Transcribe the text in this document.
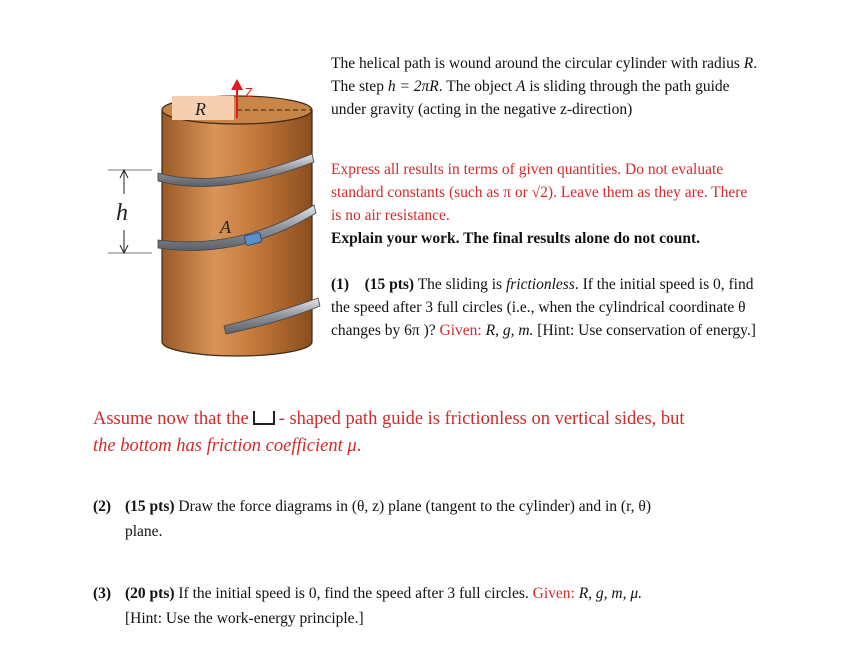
R
Z
A
h
The helical path is wound around the circular cylinder with radius R. The step h = 2πR. The object A is sliding through the path guide under gravity (acting in the negative z-direction)
Express all results in terms of given quantities. Do not evaluate standard constants (such as π or √2). Leave them as they are. There is no air resistance.
Explain your work. The final results alone do not count.
(1) (15 pts) The sliding is frictionless. If the initial speed is 0, find the speed after 3 full circles (i.e., when the cylindrical coordinate θ changes by 6π )? Given: R, g, m. [Hint: Use conservation of energy.]
Assume now that the - shaped path guide is frictionless on vertical sides, but
the bottom has friction coefficient μ.
(2) (15 pts) Draw the force diagrams in (θ, z) plane (tangent to the cylinder) and in (r, θ)
plane.
(3) (20 pts) If the initial speed is 0, find the speed after 3 full circles. Given: R, g, m, μ.
[Hint: Use the work-energy principle.]
